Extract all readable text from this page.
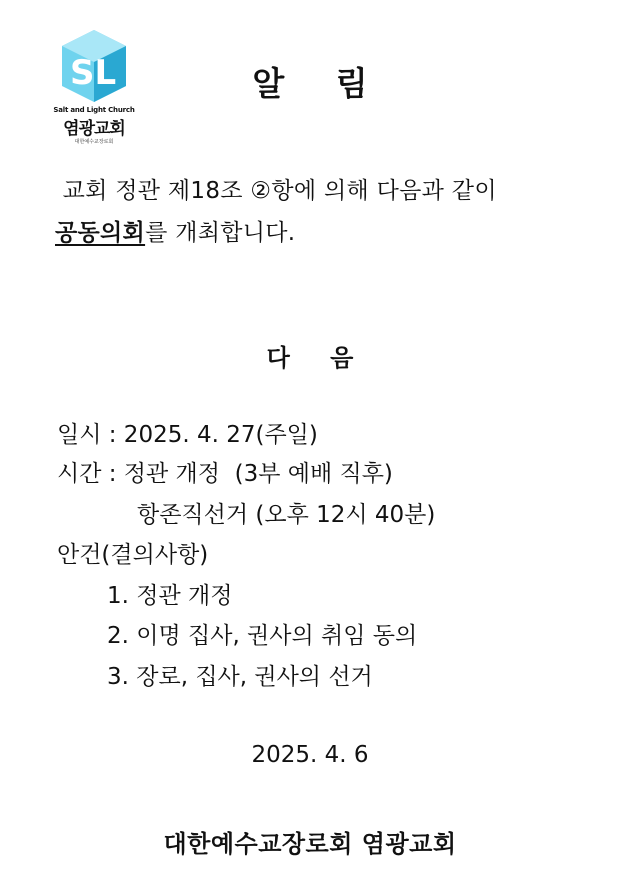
SL
Salt and Light Church
염광교회
대한예수교장로회
알 림
교회 정관 제18조 ②항에 의해 다음과 같이
공동의회를 개최합니다.
다 음
일시 : 2025. 4. 27(주일)
시간 : 정관 개정  (3부 예배 직후)
항존직선거 (오후 12시 40분)
안건(결의사항)
1. 정관 개정
2. 이명 집사, 권사의 취임 동의
3. 장로, 집사, 권사의 선거
2025. 4. 6
대한예수교장로회 염광교회
